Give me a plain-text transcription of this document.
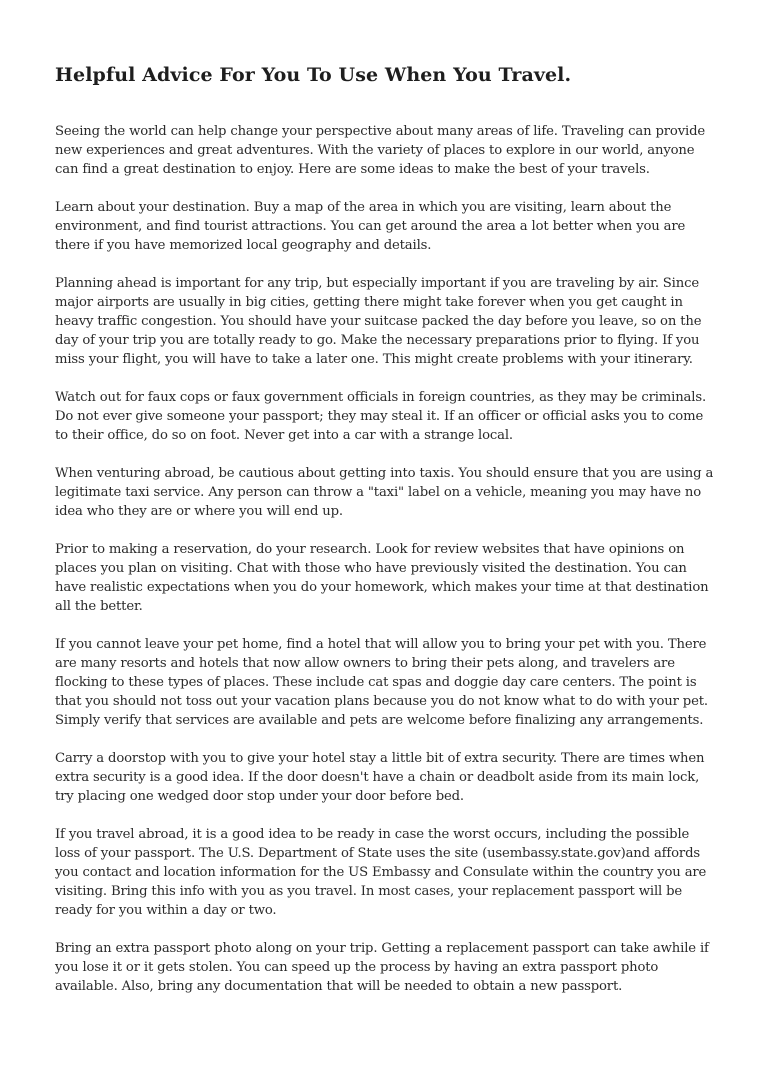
Helpful Advice For You To Use When You Travel.

Seeing the world can help change your perspective about many areas of life. Traveling can provide new experiences and great adventures. With the variety of places to explore in our world, anyone can find a great destination to enjoy. Here are some ideas to make the best of your travels.

Learn about your destination. Buy a map of the area in which you are visiting, learn about the environment, and find tourist attractions. You can get around the area a lot better when you are there if you have memorized local geography and details.

Planning ahead is important for any trip, but especially important if you are traveling by air. Since major airports are usually in big cities, getting there might take forever when you get caught in heavy traffic congestion. You should have your suitcase packed the day before you leave, so on the day of your trip you are totally ready to go. Make the necessary preparations prior to flying. If you miss your flight, you will have to take a later one. This might create problems with your itinerary.

Watch out for faux cops or faux government officials in foreign countries, as they may be criminals. Do not ever give someone your passport; they may steal it. If an officer or official asks you to come to their office, do so on foot. Never get into a car with a strange local.

When venturing abroad, be cautious about getting into taxis. You should ensure that you are using a legitimate taxi service. Any person can throw a "taxi" label on a vehicle, meaning you may have no idea who they are or where you will end up.

Prior to making a reservation, do your research. Look for review websites that have opinions on places you plan on visiting. Chat with those who have previously visited the destination. You can have realistic expectations when you do your homework, which makes your time at that destination all the better.

If you cannot leave your pet home, find a hotel that will allow you to bring your pet with you. There are many resorts and hotels that now allow owners to bring their pets along, and travelers are flocking to these types of places. These include cat spas and doggie day care centers. The point is that you should not toss out your vacation plans because you do not know what to do with your pet. Simply verify that services are available and pets are welcome before finalizing any arrangements.

Carry a doorstop with you to give your hotel stay a little bit of extra security. There are times when extra security is a good idea. If the door doesn't have a chain or deadbolt aside from its main lock, try placing one wedged door stop under your door before bed.

If you travel abroad, it is a good idea to be ready in case the worst occurs, including the possible loss of your passport. The U.S. Department of State uses the site (usembassy.state.gov)and affords you contact and location information for the US Embassy and Consulate within the country you are visiting. Bring this info with you as you travel. In most cases, your replacement passport will be ready for you within a day or two.

Bring an extra passport photo along on your trip. Getting a replacement passport can take awhile if you lose it or it gets stolen. You can speed up the process by having an extra passport photo available. Also, bring any documentation that will be needed to obtain a new passport.
